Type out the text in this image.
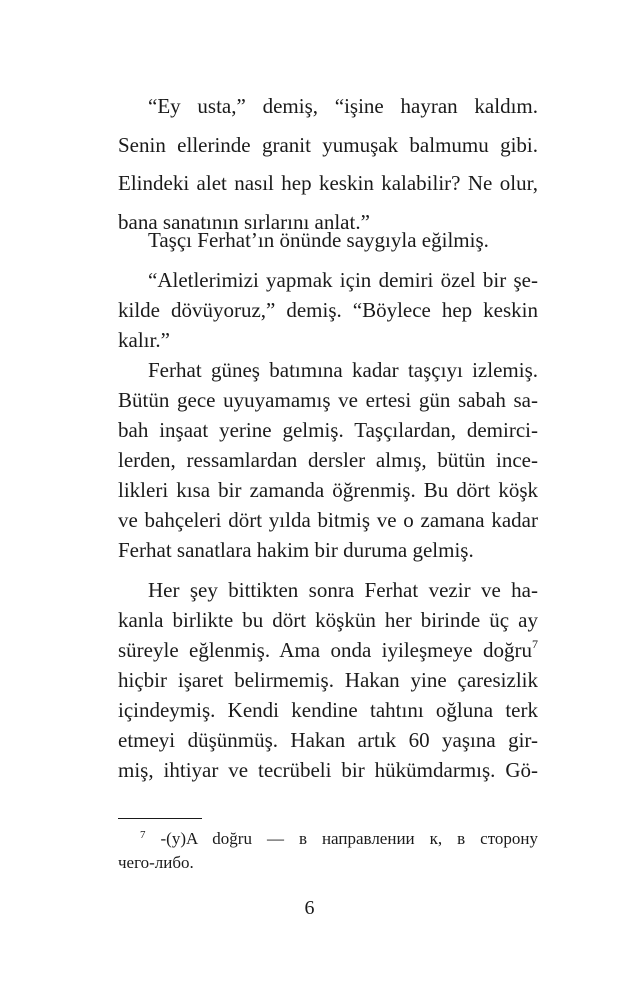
“Ey usta,” demiş, “işine hayran kaldım.
Senin ellerinde granit yumuşak balmumu gibi.
Elindeki alet nasıl hep keskin kalabilir? Ne olur,
bana sanatının sırlarını anlat.”
Taşçı Ferhat’ın önünde saygıyla eğilmiş.
“Aletlerimizi yapmak için demiri özel bir şe-
kilde dövüyoruz,” demiş. “Böylece hep keskin
kalır.”
Ferhat güneş batımına kadar taşçıyı izlemiş.
Bütün gece uyuyamamış ve ertesi gün sabah sa-
bah inşaat yerine gelmiş. Taşçılardan, demirci-
lerden, ressamlardan dersler almış, bütün ince-
likleri kısa bir zamanda öğrenmiş. Bu dört köşk
ve bahçeleri dört yılda bitmiş ve o zamana kadar
Ferhat sanatlara hakim bir duruma gelmiş.
Her şey bittikten sonra Ferhat vezir ve ha-
kanla birlikte bu dört köşkün her birinde üç ay
süreyle eğlenmiş. Ama onda iyileşmeye doğru$^7$
hiçbir işaret belirmemiş. Hakan yine çaresizlik
içindeymiş. Kendi kendine tahtını oğluna terk
etmeyi düşünmüş. Hakan artık 60 yaşına gir-
miş, ihtiyar ve tecrübeli bir hükümdarmış. Gö-
$^7$ -(y)A doğru — в направлении к, в сторону
чего-либо.
6
